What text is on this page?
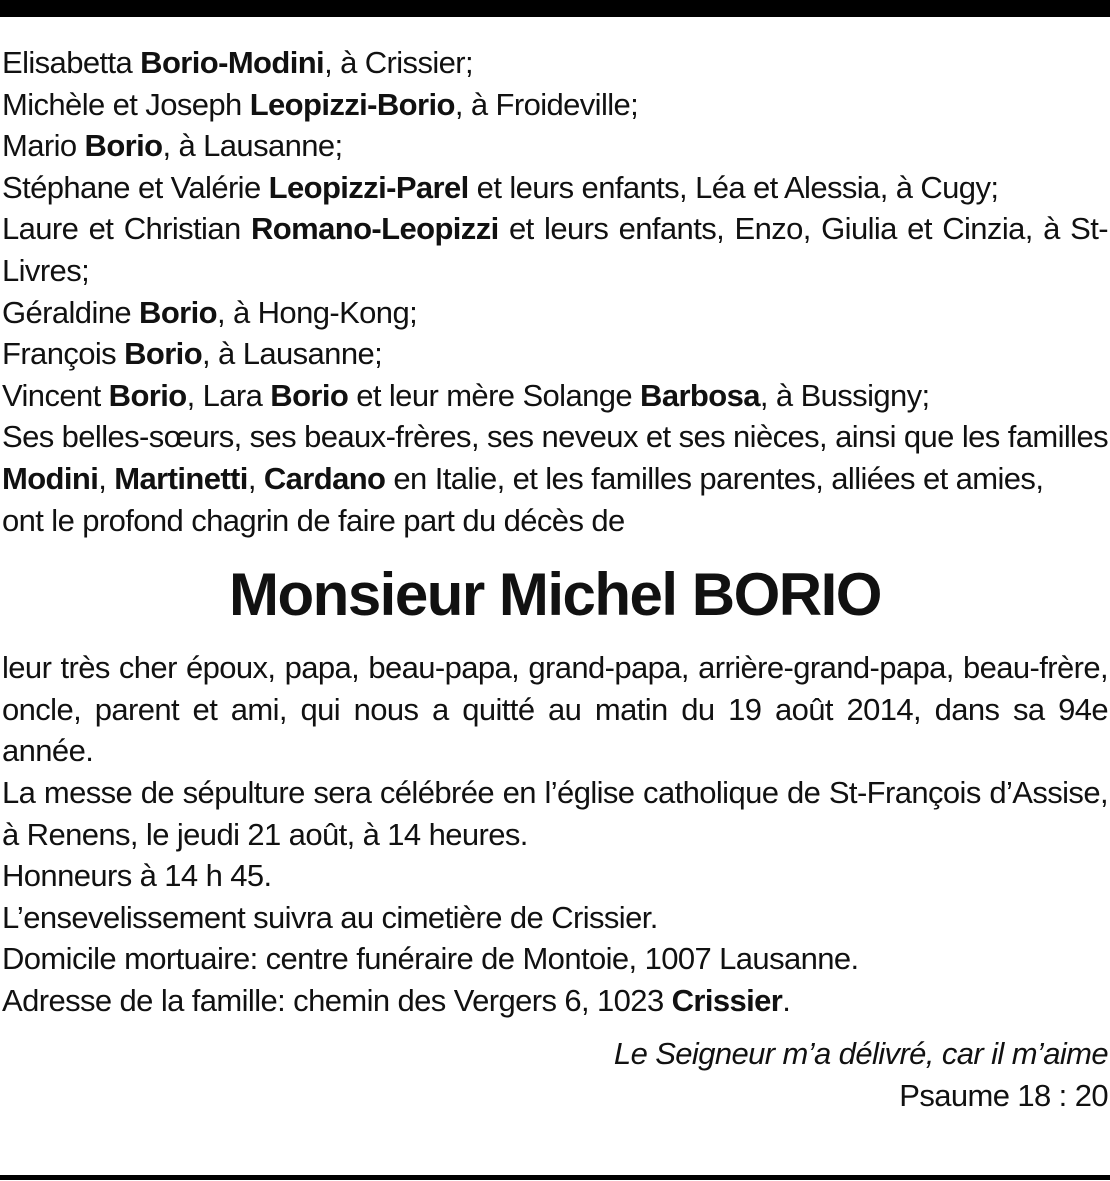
Elisabetta Borio-Modini, à Crissier;

Michèle et Joseph Leopizzi-Borio, à Froideville;

Mario Borio, à Lausanne;

Stéphane et Valérie Leopizzi-Parel et leurs enfants, Léa et Alessia, à Cugy;

Laure et Christian Romano-Leopizzi et leurs enfants, Enzo, Giulia et Cinzia, à St-Livres;

Géraldine Borio, à Hong-Kong;

François Borio, à Lausanne;

Vincent Borio, Lara Borio et leur mère Solange Barbosa, à Bussigny;

Ses belles-sœurs, ses beaux-frères, ses neveux et ses nièces, ainsi que les familles Modini, Martinetti, Cardano en Italie, et les familles parentes, alliées et amies,

ont le profond chagrin de faire part du décès de

Monsieur Michel BORIO

leur très cher époux, papa, beau-papa, grand-papa, arrière-grand-papa, beau-frère, oncle, parent et ami, qui nous a quitté au matin du 19 août 2014, dans sa 94e année.

La messe de sépulture sera célébrée en l’église catholique de St-François d’Assise, à Renens, le jeudi 21 août, à 14 heures.

Honneurs à 14 h 45.

L’ensevelissement suivra au cimetière de Crissier.

Domicile mortuaire: centre funéraire de Montoie, 1007 Lausanne.

Adresse de la famille: chemin des Vergers 6, 1023 Crissier.

Le Seigneur m’a délivré, car il m’aime
Psaume 18 : 20
